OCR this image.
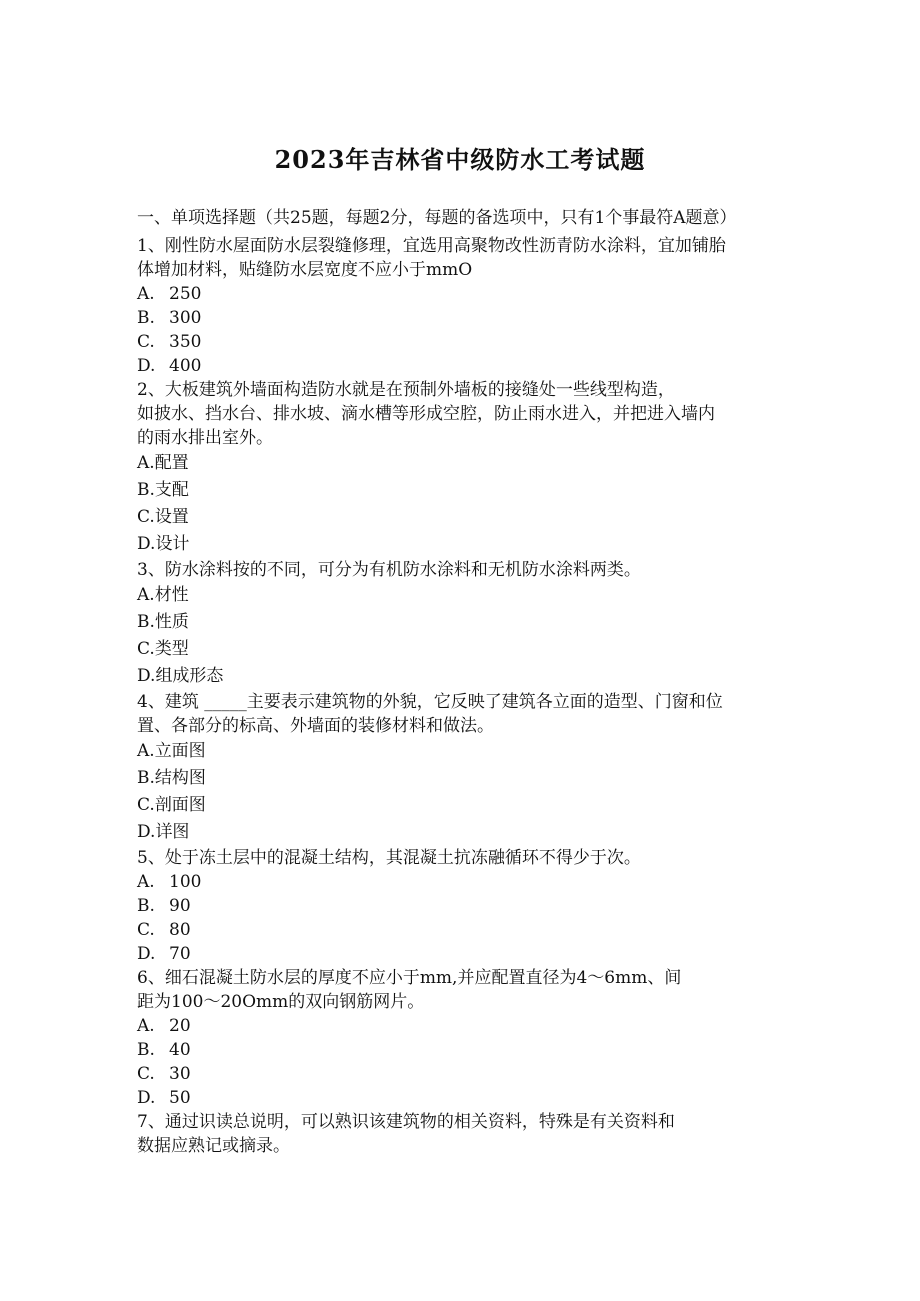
2023年吉林省中级防水工考试题
一、单项选择题（共25题，每题2分，每题的备选项中，只有1个事最符A题意）
1、刚性防水屋面防水层裂缝修理，宜选用高聚物改性沥青防水涂料，宜加铺胎
体增加材料，贴缝防水层宽度不应小于mmO
A. 250
B. 300
C. 350
D. 400
2、大板建筑外墙面构造防水就是在预制外墙板的接缝处一些线型构造，
如披水、挡水台、排水坡、滴水槽等形成空腔，防止雨水进入，并把进入墙内
的雨水排出室外。
A.配置
B.支配
C.设置
D.设计
3、防水涂料按的不同，可分为有机防水涂料和无机防水涂料两类。
A.材性
B.性质
C.类型
D.组成形态
4、建筑 _____主要表示建筑物的外貌，它反映了建筑各立面的造型、门窗和位
置、各部分的标高、外墙面的装修材料和做法。
A.立面图
B.结构图
C.剖面图
D.详图
5、处于冻土层中的混凝土结构，其混凝土抗冻融循环不得少于次。
A. 100
B. 90
C. 80
D. 70
6、细石混凝土防水层的厚度不应小于mm,并应配置直径为4～6mm、间
距为100～20Omm的双向钢筋网片。
A. 20
B. 40
C. 30
D. 50
7、通过识读总说明，可以熟识该建筑物的相关资料，特殊是有关资料和
数据应熟记或摘录。
